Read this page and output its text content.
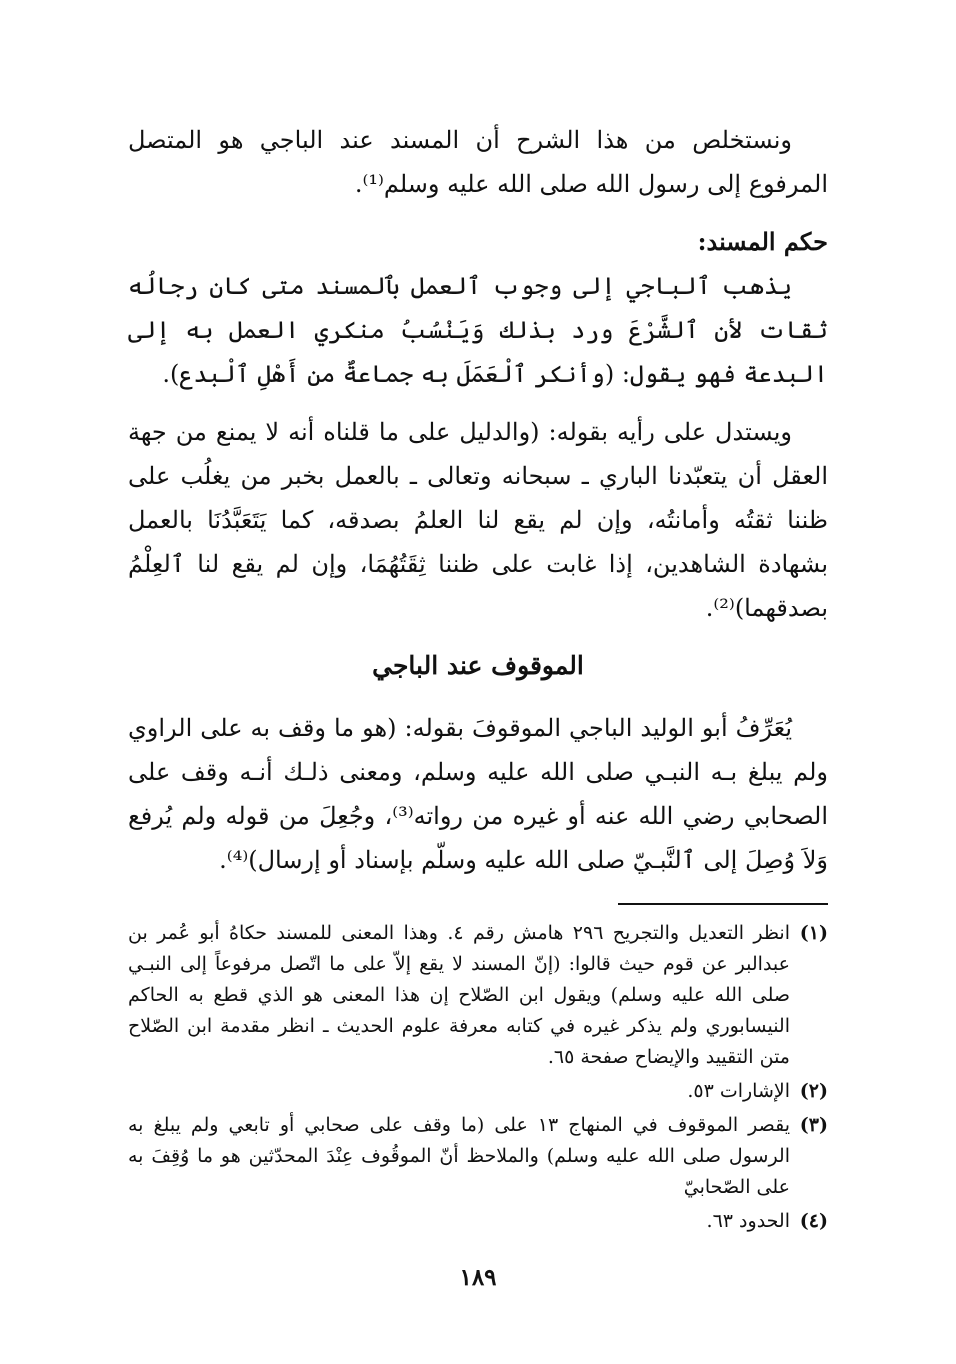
ونستخلص من هذا الشرح أن المسند عند الباجي هو المتصل المرفوع إلى رسول الله صلى الله عليه وسلم⁽¹⁾.

حكم المسند:

يذهب ٱلباجي إلى وجوب ٱلعمل بٱلمسند متى كان رجالُه ثقات لأن ٱلشَّرْعَ ورد بذلك وَيَنْسُبُ منكري العمل به إلى البدعة فهو يقول: (وأنكر ٱلْعَمَلَ به جماعةٌ من أَهْلِ ٱلْبدع).

ويستدل على رأيه بقوله: (والدليل على ما قلناه أنه لا يمنع من جهة العقل أن يتعبّدنا الباري ـ سبحانه وتعالى ـ بالعمل بخبر من يغلُب على ظننا ثقتُه وأمانتُه، وإن لم يقع لنا العلمُ بصدقه، كما يَتَعَبَّدُنَا بالعمل بشهادة الشاهدين، إذا غابت على ظننا ثِقَتُهُمَا، وإن لم يقع لنا ٱلعِلْمُ بصدقهما)⁽²⁾.

الموقوف عند الباجي

يُعَرِّفُ أبو الوليد الباجي الموقوفَ بقوله: (هو ما وقف به على الراوي ولم يبلغ بـه النبـي صلى الله عليه وسلم، ومعنى ذلـك أنـه وقف على الصحابي رضي الله عنه أو غيره من رواته⁽³⁾، وجُعِلَ من قوله ولم يُرفع وَلاَ وُصِلَ إلى ٱلنَّبـيّ صلى الله عليه وسلّم بإسناد أو إرسال)⁽⁴⁾.

(١)
انظر التعديل والتجريح ٢٩٦ هامش رقم ٤. وهذا المعنى للمسند حكاهُ أبو عُمر بن عبدالبر عن قوم حيث قالوا: (إنّ المسند لا يقع إلاّ على ما اتّصل مرفوعاً إلى النبـي صلى الله عليه وسلم) ويقول ابن الصّلاح إن هذا المعنى هو الذي قطع به الحاكم النيسابوري ولم يذكر غيره في كتابه معرفة علوم الحديث ـ انظر مقدمة ابن الصّلاح متن التقييد والإيضاح صفحة ٦٥.
(٢)
الإشارات ٥٣.
(٣)
يقصر الموقوف في المنهاج ١٣ على (ما وقف على صحابي أو تابعي ولم يبلغ به الرسول صلى الله عليه وسلم) والملاحظ أنّ الموقُوف عِنْدَ المحدّثين هو ما وُقِفَ به على الصّحابيّ
(٤)
الحدود ٦٣.
١٨٩
